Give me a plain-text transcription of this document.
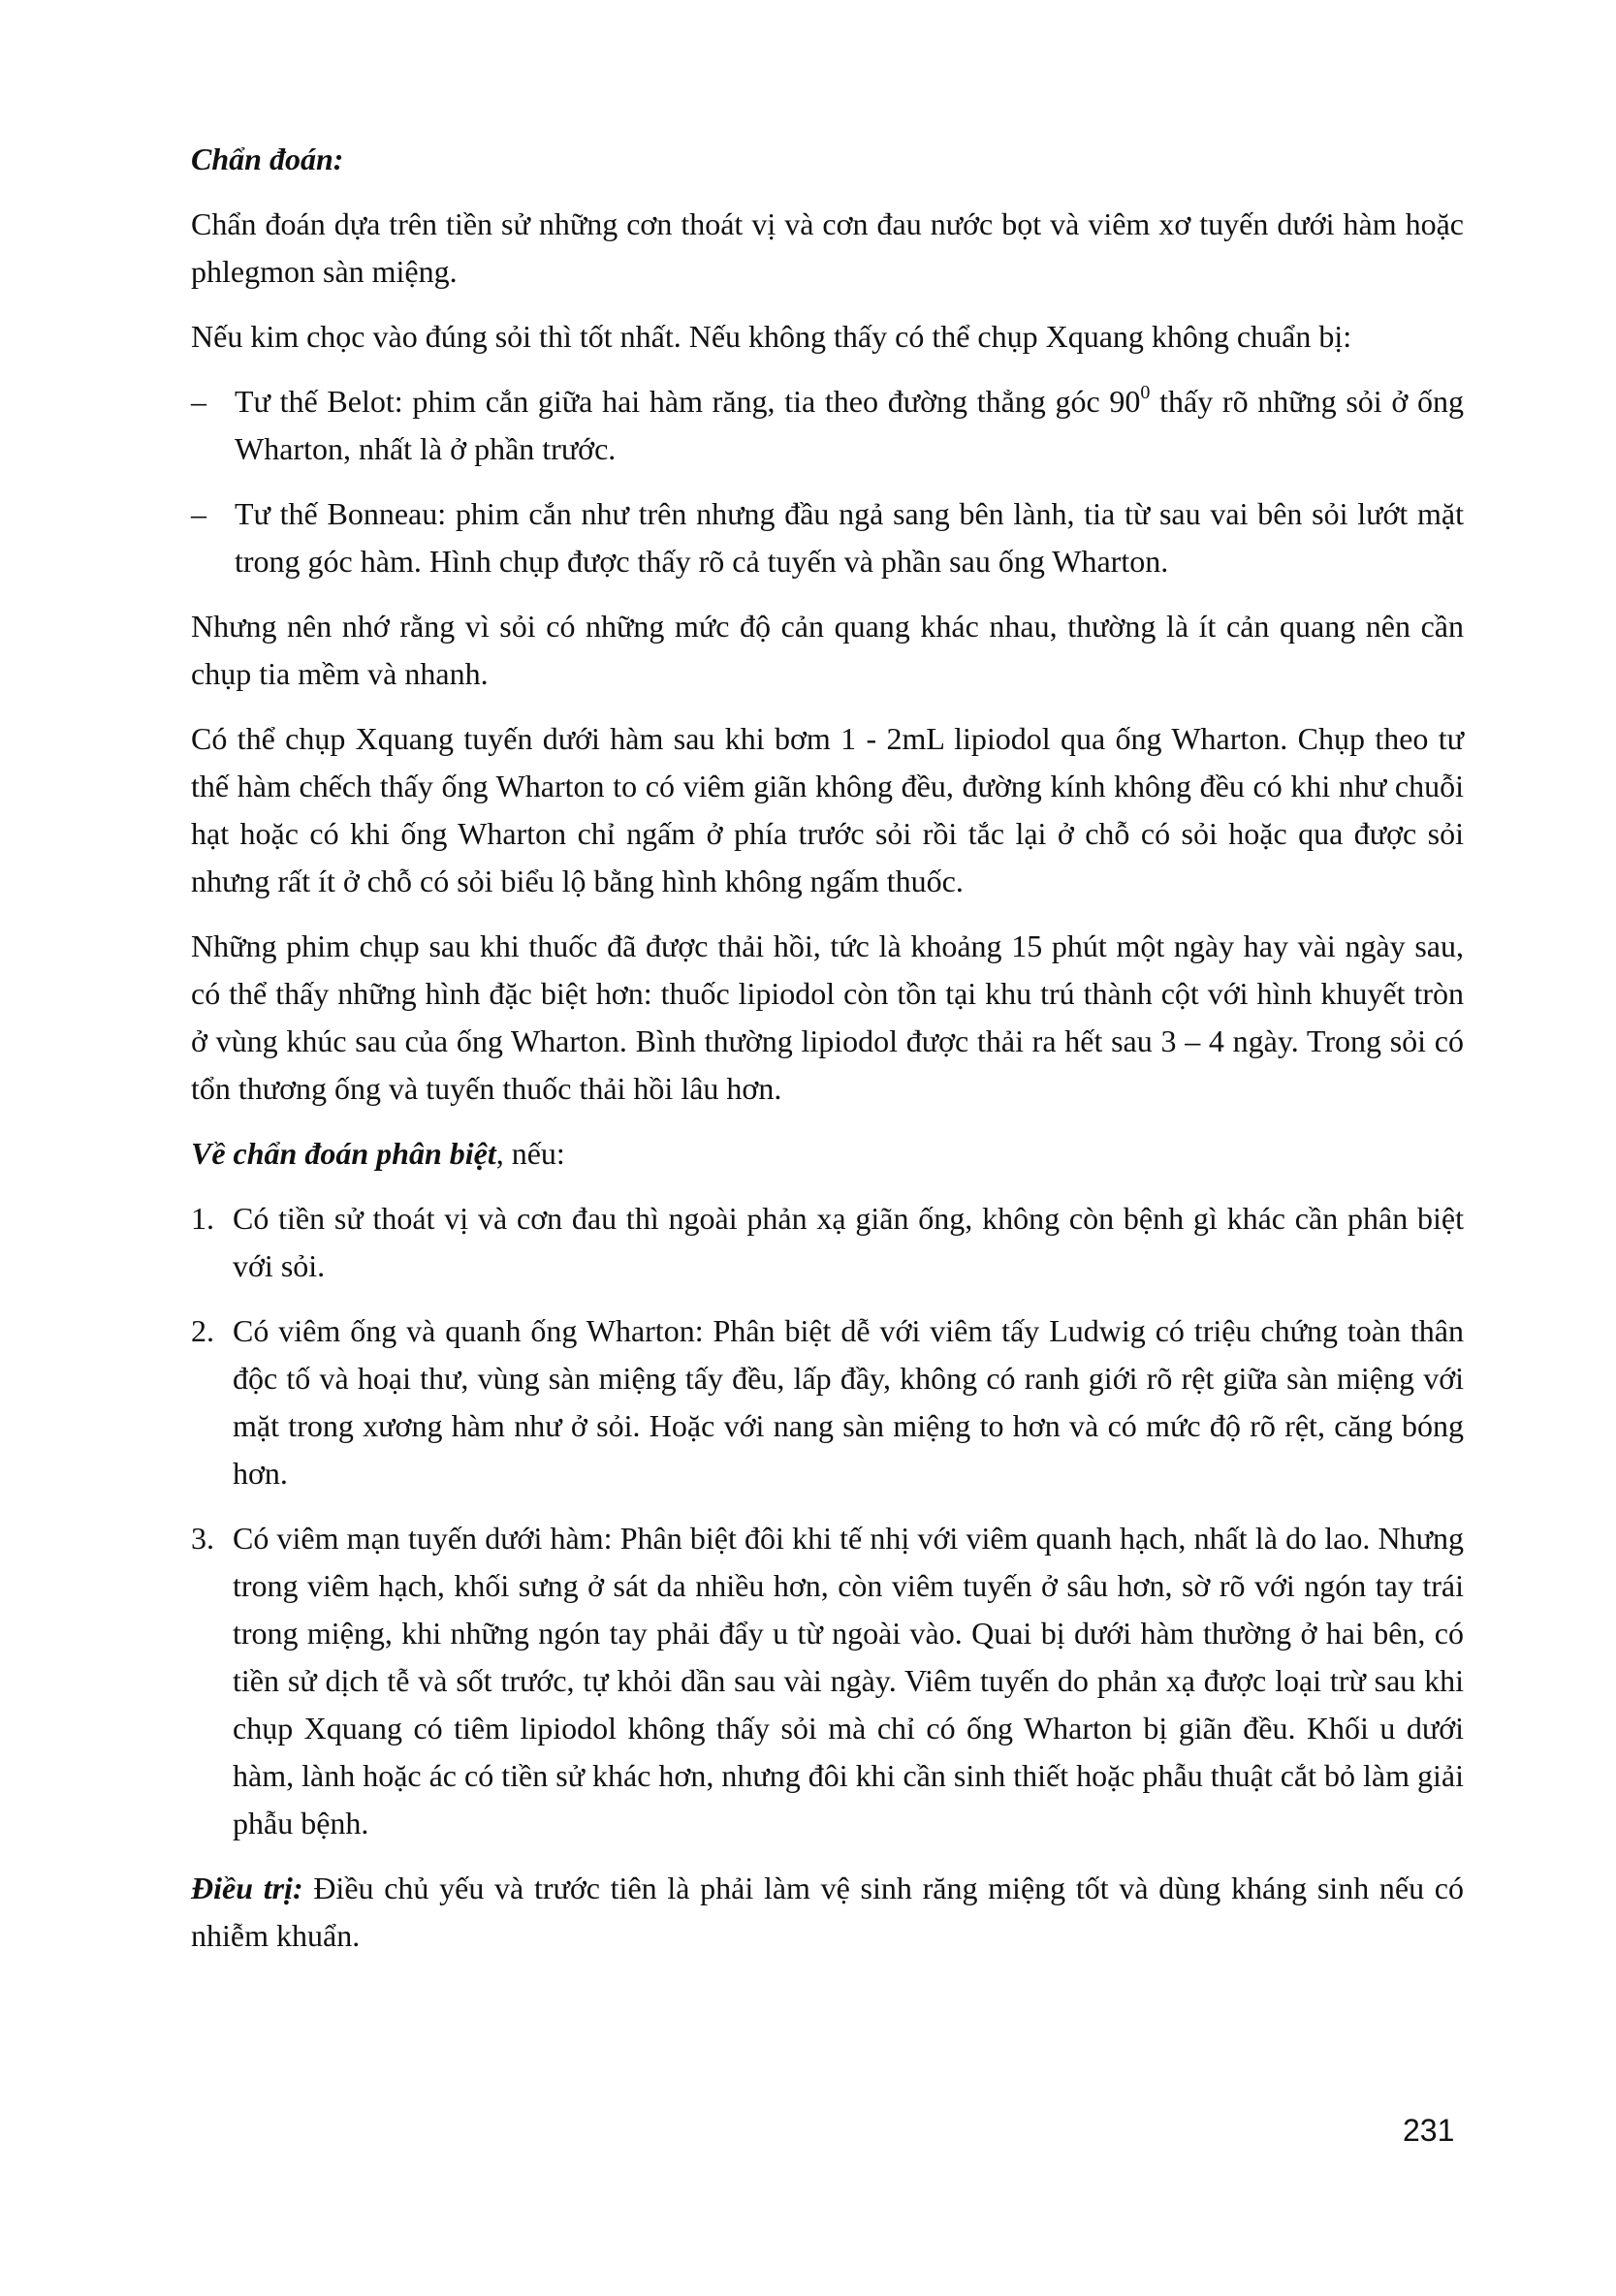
Chẩn đoán:

Chẩn đoán dựa trên tiền sử những cơn thoát vị và cơn đau nước bọt và viêm xơ tuyến dưới hàm hoặc phlegmon sàn miệng.

Nếu kim chọc vào đúng sỏi thì tốt nhất. Nếu không thấy có thể chụp Xquang không chuẩn bị:

– Tư thế Belot: phim cắn giữa hai hàm răng, tia theo đường thẳng góc $90^0$ thấy rõ những sỏi ở ống Wharton, nhất là ở phần trước.

– Tư thế Bonneau: phim cắn như trên nhưng đầu ngả sang bên lành, tia từ sau vai bên sỏi lướt mặt trong góc hàm. Hình chụp được thấy rõ cả tuyến và phần sau ống Wharton.

Nhưng nên nhớ rằng vì sỏi có những mức độ cản quang khác nhau, thường là ít cản quang nên cần chụp tia mềm và nhanh.

Có thể chụp Xquang tuyến dưới hàm sau khi bơm 1 - 2mL lipiodol qua ống Wharton. Chụp theo tư thế hàm chếch thấy ống Wharton to có viêm giãn không đều, đường kính không đều có khi như chuỗi hạt hoặc có khi ống Wharton chỉ ngấm ở phía trước sỏi rồi tắc lại ở chỗ có sỏi hoặc qua được sỏi nhưng rất ít ở chỗ có sỏi biểu lộ bằng hình không ngấm thuốc.

Những phim chụp sau khi thuốc đã được thải hồi, tức là khoảng 15 phút một ngày hay vài ngày sau, có thể thấy những hình đặc biệt hơn: thuốc lipiodol còn tồn tại khu trú thành cột với hình khuyết tròn ở vùng khúc sau của ống Wharton. Bình thường lipiodol được thải ra hết sau 3 – 4 ngày. Trong sỏi có tổn thương ống và tuyến thuốc thải hồi lâu hơn.

Về chẩn đoán phân biệt, nếu:

1. Có tiền sử thoát vị và cơn đau thì ngoài phản xạ giãn ống, không còn bệnh gì khác cần phân biệt với sỏi.

2. Có viêm ống và quanh ống Wharton: Phân biệt dễ với viêm tấy Ludwig có triệu chứng toàn thân độc tố và hoại thư, vùng sàn miệng tấy đều, lấp đầy, không có ranh giới rõ rệt giữa sàn miệng với mặt trong xương hàm như ở sỏi. Hoặc với nang sàn miệng to hơn và có mức độ rõ rệt, căng bóng hơn.

3. Có viêm mạn tuyến dưới hàm: Phân biệt đôi khi tế nhị với viêm quanh hạch, nhất là do lao. Nhưng trong viêm hạch, khối sưng ở sát da nhiều hơn, còn viêm tuyến ở sâu hơn, sờ rõ với ngón tay trái trong miệng, khi những ngón tay phải đẩy u từ ngoài vào. Quai bị dưới hàm thường ở hai bên, có tiền sử dịch tễ và sốt trước, tự khỏi dần sau vài ngày. Viêm tuyến do phản xạ được loại trừ sau khi chụp Xquang có tiêm lipiodol không thấy sỏi mà chỉ có ống Wharton bị giãn đều. Khối u dưới hàm, lành hoặc ác có tiền sử khác hơn, nhưng đôi khi cần sinh thiết hoặc phẫu thuật cắt bỏ làm giải phẫu bệnh.

Điều trị: Điều chủ yếu và trước tiên là phải làm vệ sinh răng miệng tốt và dùng kháng sinh nếu có nhiễm khuẩn.

231
